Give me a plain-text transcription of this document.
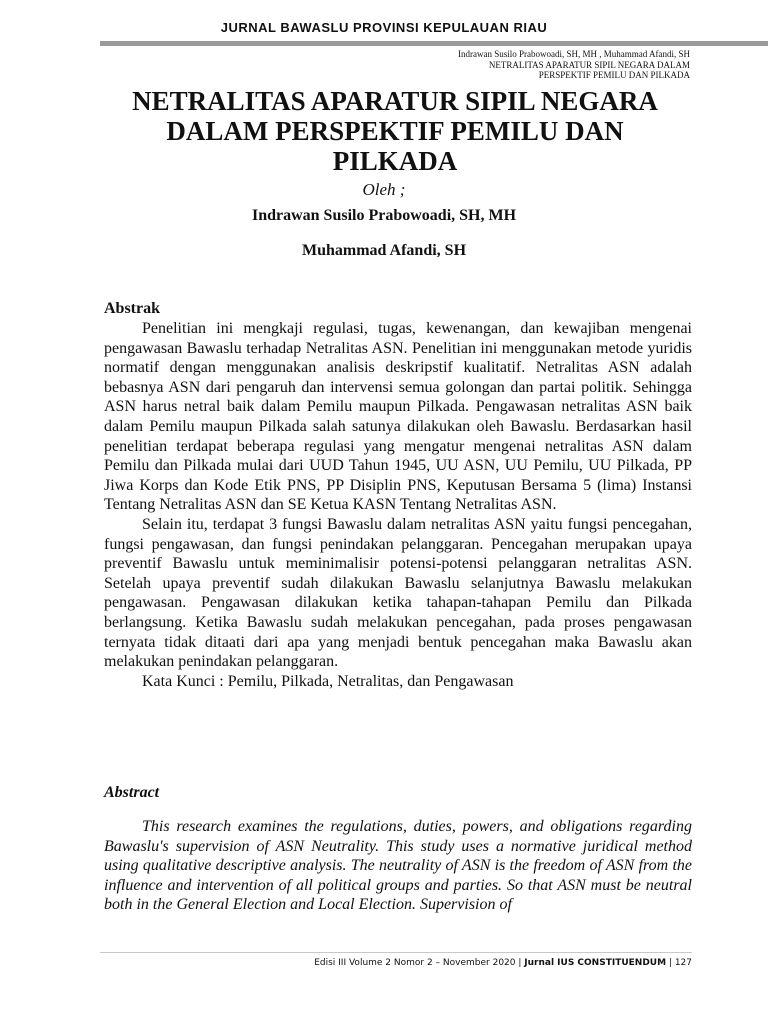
JURNAL BAWASLU PROVINSI KEPULAUAN RIAU
Indrawan Susilo Prabowoadi, SH, MH , Muhammad Afandi, SH
NETRALITAS APARATUR SIPIL NEGARA DALAM
PERSPEKTIF PEMILU DAN PILKADA
NETRALITAS APARATUR SIPIL NEGARA
DALAM PERSPEKTIF PEMILU DAN
PILKADA
Oleh ;
Indrawan Susilo Prabowoadi, SH, MH
Muhammad Afandi, SH
Abstrak

Penelitian ini mengkaji regulasi, tugas, kewenangan, dan kewajiban mengenai pengawasan Bawaslu terhadap Netralitas ASN. Penelitian ini menggunakan metode yuridis normatif dengan menggunakan analisis deskripstif kualitatif. Netralitas ASN adalah bebasnya ASN dari pengaruh dan intervensi semua golongan dan partai politik. Sehingga ASN harus netral baik dalam Pemilu maupun Pilkada. Pengawasan netralitas ASN baik dalam Pemilu maupun Pilkada salah satunya dilakukan oleh Bawaslu. Berdasarkan hasil penelitian terdapat beberapa regulasi yang mengatur mengenai netralitas ASN dalam Pemilu dan Pilkada mulai dari UUD Tahun 1945, UU ASN, UU Pemilu, UU Pilkada, PP Jiwa Korps dan Kode Etik PNS, PP Disiplin PNS, Keputusan Bersama 5 (lima) Instansi Tentang Netralitas ASN dan SE Ketua KASN Tentang Netralitas ASN.

Selain itu, terdapat 3 fungsi Bawaslu dalam netralitas ASN yaitu fungsi pencegahan, fungsi pengawasan, dan fungsi penindakan pelanggaran. Pencegahan merupakan upaya preventif Bawaslu untuk meminimalisir potensi-potensi pelanggaran netralitas ASN. Setelah upaya preventif sudah dilakukan Bawaslu selanjutnya Bawaslu melakukan pengawasan. Pengawasan dilakukan ketika tahapan-tahapan Pemilu dan Pilkada berlangsung. Ketika Bawaslu sudah melakukan pencegahan, pada proses pengawasan ternyata tidak ditaati dari apa yang menjadi bentuk pencegahan maka Bawaslu akan melakukan penindakan pelanggaran.

Kata Kunci : Pemilu, Pilkada, Netralitas, dan Pengawasan

Abstract

This research examines the regulations, duties, powers, and obligations regarding Bawaslu's supervision of ASN Neutrality. This study uses a normative juridical method using qualitative descriptive analysis. The neutrality of ASN is the freedom of ASN from the influence and intervention of all political groups and parties. So that ASN must be neutral both in the General Election and Local Election. Supervision of

Edisi III Volume 2 Nomor 2 – November 2020 | Jurnal IUS CONSTITUENDUM | 127
